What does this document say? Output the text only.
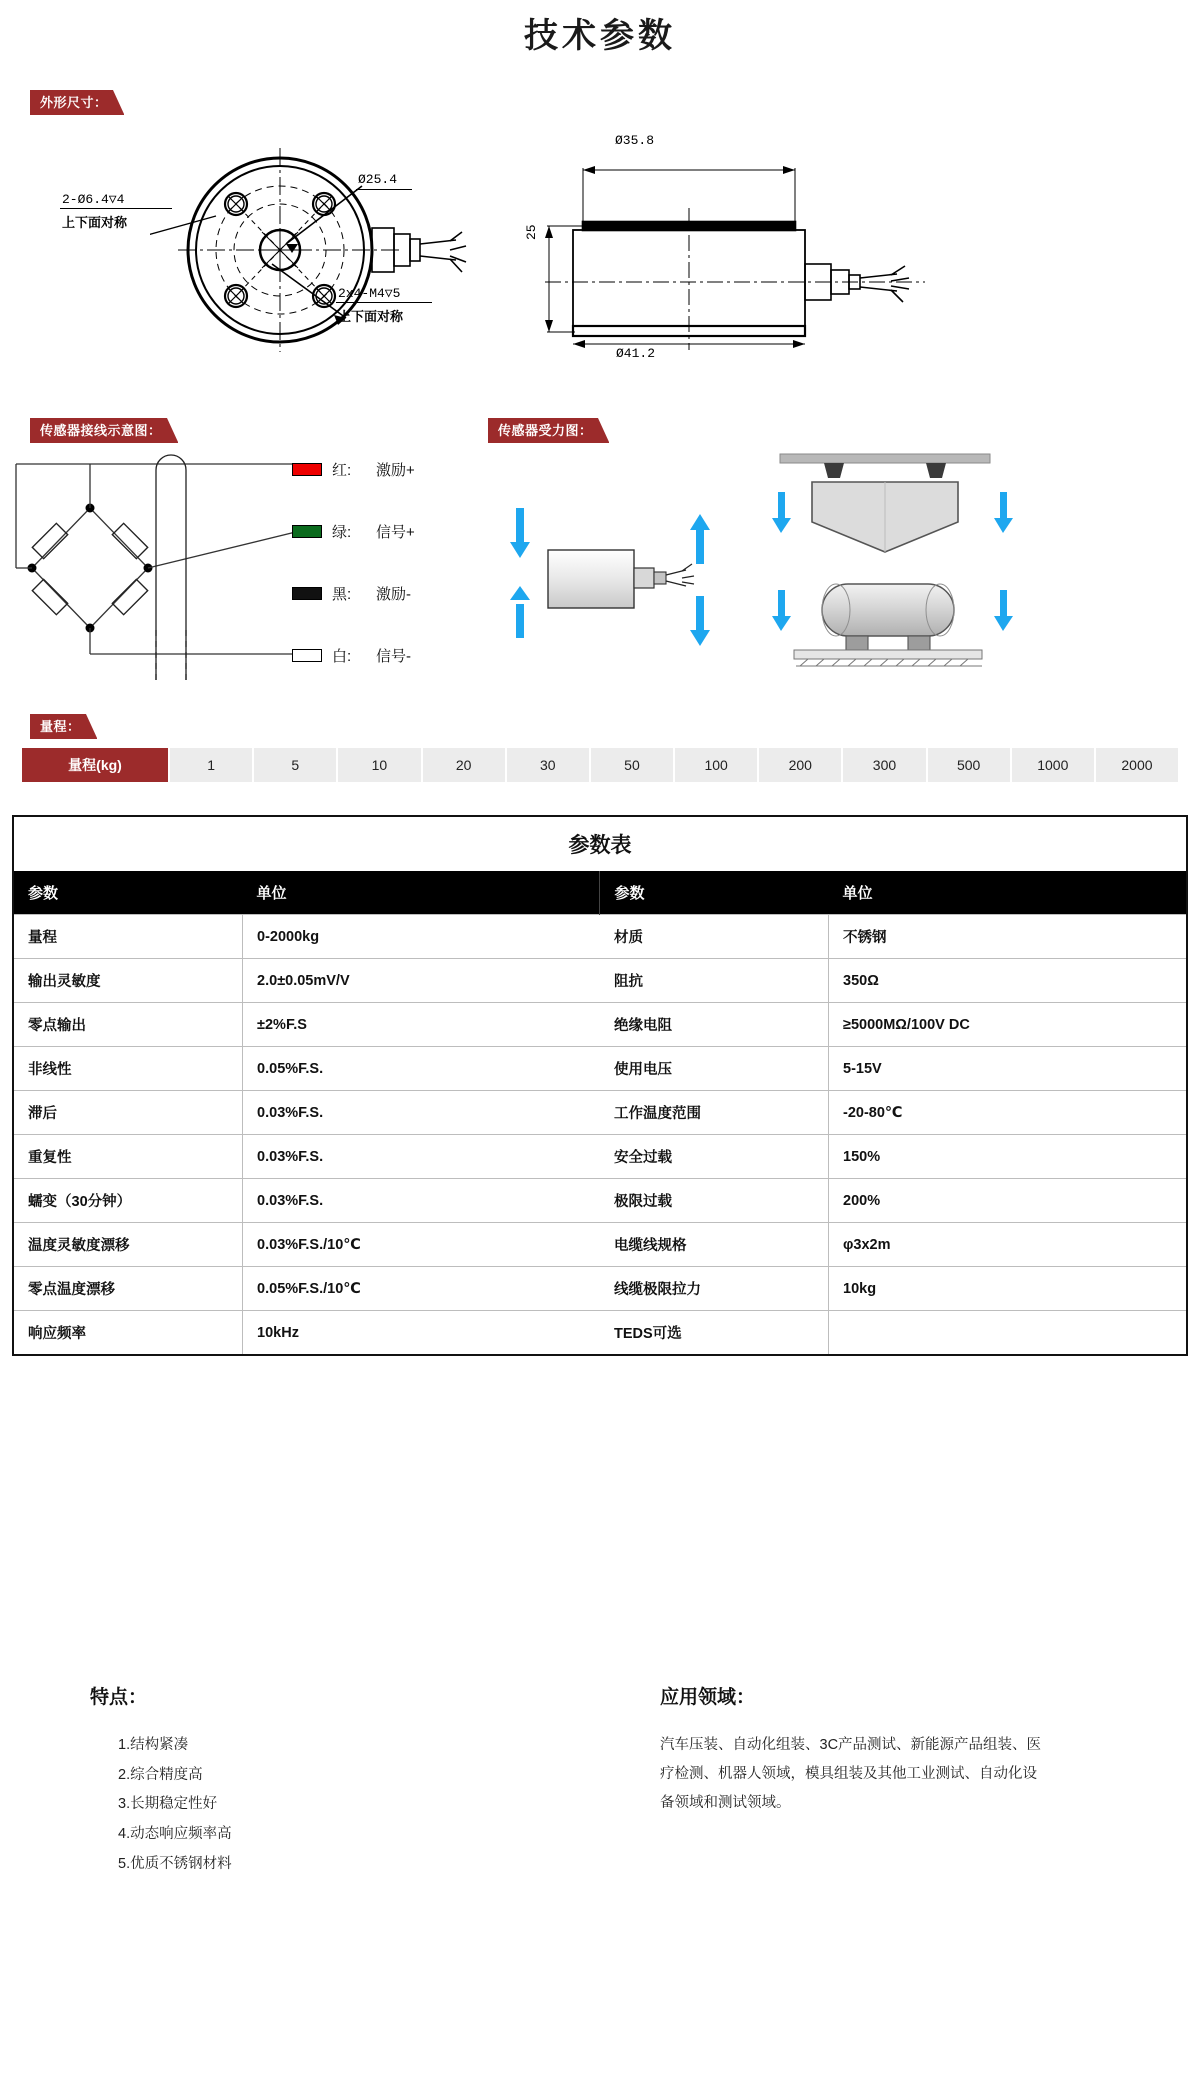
技术参数
外形尺寸：
2-Ø6.4▽4
上下面对称
Ø25.4
2x4-M4▽5
上下面对称
Ø35.8
25
Ø41.2
传感器接线示意图：
红:	激励+
绿:	信号+
黑:	激励-
白:	信号-
传感器受力图：
量程：
量程(kg)	1	5	10	20	30	50	100	200	300	500	1000	2000
参数表
参数	单位	参数	单位
量程	0-2000kg	材质	不锈钢
输出灵敏度	2.0±0.05mV/V	阻抗	350Ω
零点输出	±2%F.S	绝缘电阻	≥5000MΩ/100V DC
非线性	0.05%F.S.	使用电压	5-15V
滞后	0.03%F.S.	工作温度范围	-20-80℃
重复性	0.03%F.S.	安全过载	150%
蠕变（30分钟）	0.03%F.S.	极限过载	200%
温度灵敏度漂移	0.03%F.S./10℃	电缆线规格	φ3x2m
零点温度漂移	0.05%F.S./10℃	线缆极限拉力	10kg
响应频率	10kHz	TEDS可选	
特点：
1.结构紧凑
2.综合精度高
3.长期稳定性好
4.动态响应频率高
5.优质不锈钢材料
应用领域：
汽车压装、自动化组装、3C产品测试、新能源产品组装、医疗检测、机器人领域，模具组装及其他工业测试、自动化设备领域和测试领域。
